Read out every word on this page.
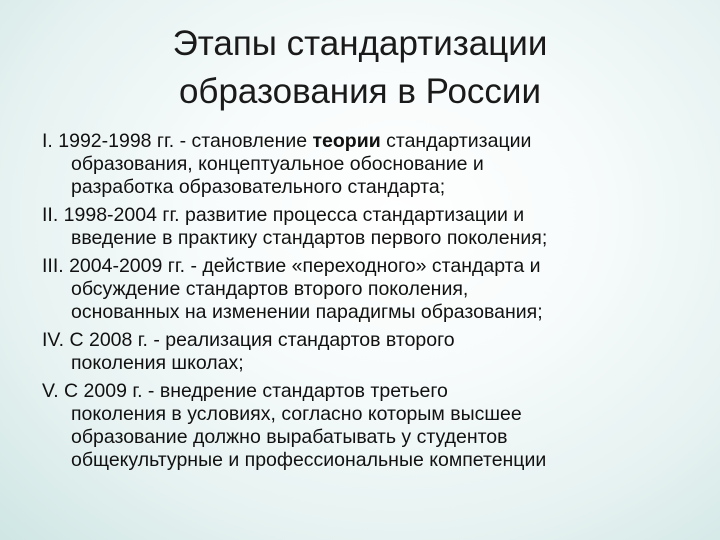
Этапы стандартизации
образования в России
I. 1992-1998 гг. - становление теории стандартизации
образования, концептуальное обоснование и
разработка образовательного стандарта;
II. 1998-2004 гг. развитие процесса стандартизации и
введение в практику стандартов первого поколения;
III. 2004-2009 гг. - действие «переходного» стандарта и
обсуждение стандартов второго поколения,
основанных на изменении парадигмы образования;
IV. С 2008 г. - реализация стандартов второго
поколения школах;
V. С 2009 г. - внедрение стандартов третьего
поколения в условиях, согласно которым высшее
образование должно вырабатывать у студентов
общекультурные и профессиональные компетенции
